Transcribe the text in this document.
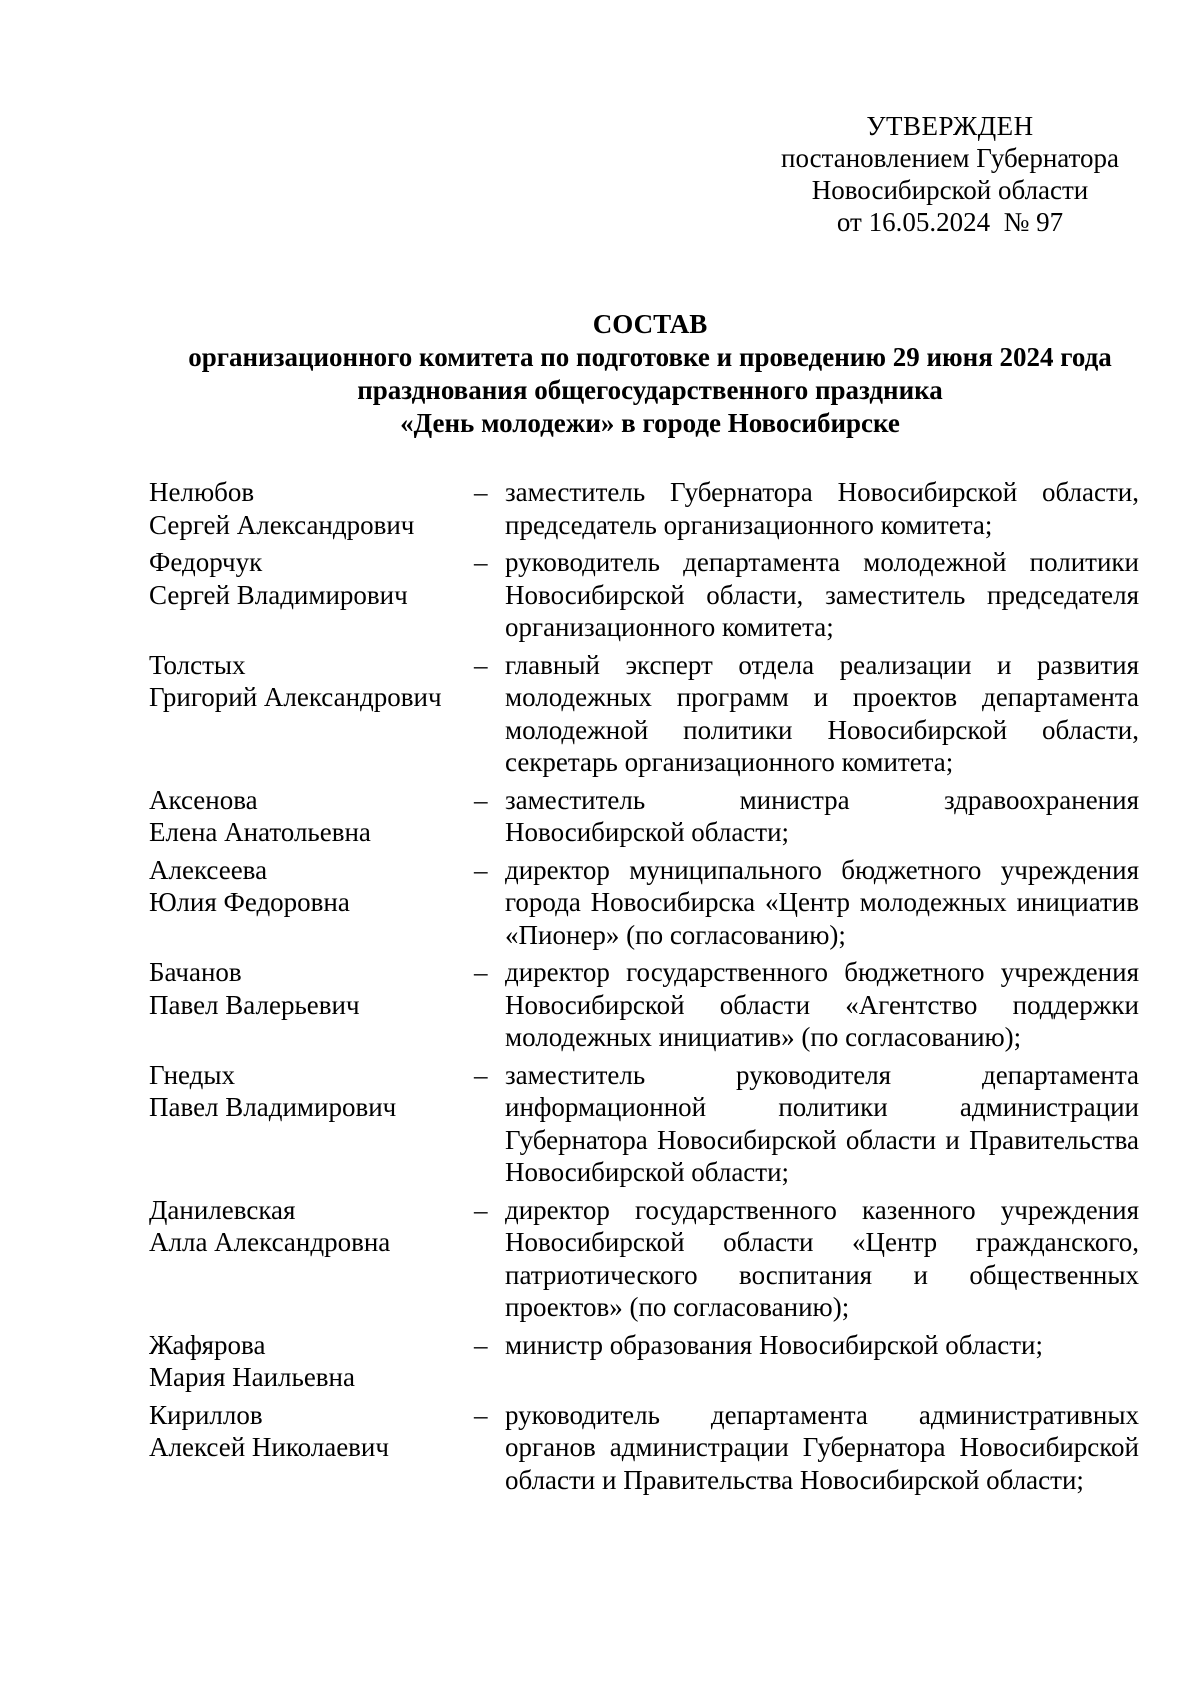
УТВЕРЖДЕН
постановлением Губернатора
Новосибирской области
от 16.05.2024  № 97
СОСТАВ
организационного комитета по подготовке и проведению 29 июня 2024 года
празднования общегосударственного праздника
«День молодежи» в городе Новосибирске
Нелюбов
Сергей Александрович
– заместитель Губернатора Новосибирской области, председатель организационного комитета;
Федорчук
Сергей Владимирович
– руководитель департамента молодежной политики Новосибирской области, заместитель председателя организационного комитета;
Толстых
Григорий Александрович
– главный эксперт отдела реализации и развития молодежных программ и проектов департамента молодежной политики Новосибирской области, секретарь организационного комитета;
Аксенова
Елена Анатольевна
– заместитель министра здравоохранения Новосибирской области;
Алексеева
Юлия Федоровна
– директор муниципального бюджетного учреждения города Новосибирска «Центр молодежных инициатив «Пионер» (по согласованию);
Бачанов
Павел Валерьевич
– директор государственного бюджетного учреждения Новосибирской области «Агентство поддержки молодежных инициатив» (по согласованию);
Гнедых
Павел Владимирович
– заместитель руководителя департамента информационной политики администрации Губернатора Новосибирской области и Правительства Новосибирской области;
Данилевская
Алла Александровна
– директор государственного казенного учреждения Новосибирской области «Центр гражданского, патриотического воспитания и общественных проектов» (по согласованию);
Жафярова
Мария Наильевна
– министр образования Новосибирской области;
Кириллов
Алексей Николаевич
– руководитель департамента административных органов администрации Губернатора Новосибирской области и Правительства Новосибирской области;
